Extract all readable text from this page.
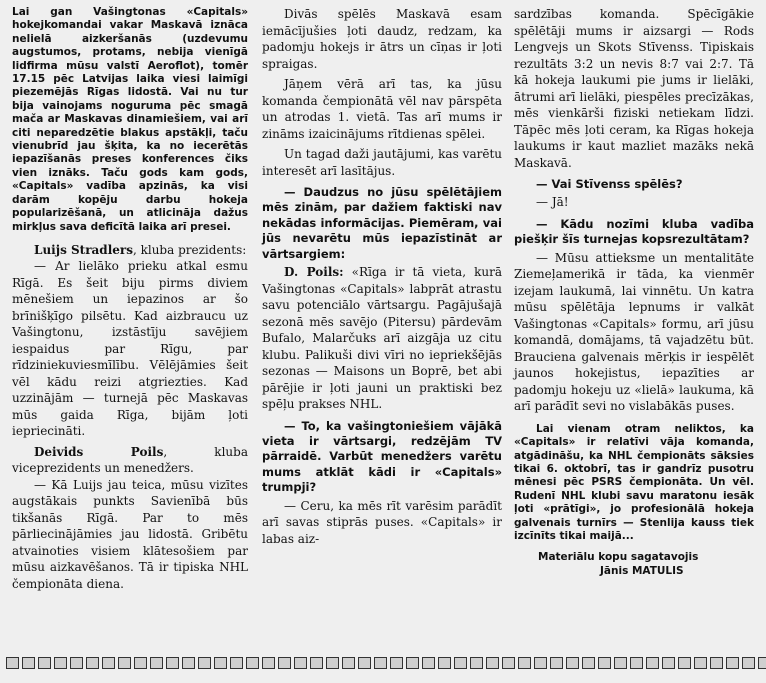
Lai gan Vašingtonas «Capitals» hokejkomandai vakar Maskavā iznāca nelielā aizkeršanās (uzdevumu augstumos, protams, nebija vienīgā lidfirma mūsu valstī Aeroflot), tomēr 17.15 pēc Latvijas laika viesi laimīgi piezemējās Rīgas lidostā. Vai nu tur bija vainojams noguruma pēc smagā mača ar Maskavas dinamiešiem, vai arī citi neparedzētie blakus apstākļi, taču vienubrīd jau šķita, ka no iecerētās iepazīšanās preses konferences čiks vien iznāks. Taču gods kam gods, «Capitals» vadība apzinās, ka visi darām kopēju darbu hokeja popularizēšanā, un atlicināja dažus mirkļus sava deficītā laika arī presei.

Luijs Stradlers, kluba prezidents:

— Ar lielāko prieku atkal esmu Rīgā. Es šeit biju pirms diviem mēnešiem un iepazinos ar šo brīnišķīgo pilsētu. Kad aizbraucu uz Vašingtonu, izstāstīju savējiem iespaidus par Rīgu, par rīdziniekuviesmīlību. Vēlējāmies šeit vēl kādu reizi atgriezties. Kad uzzinājām — turnejā pēc Maskavas mūs gaida Rīga, bijām ļoti iepriecināti.

Deivids Poils, kluba viceprezidents un menedžers.

— Kā Luijs jau teica, mūsu vizītes augstākais punkts Savienībā būs tikšanās Rīgā. Par to mēs pārliecinājāmies jau lidostā. Gribētu atvainoties visiem klātesošiem par mūsu aizkavēšanos. Tā ir tipiska NHL čempionāta diena.

Divās spēlēs Maskavā esam iemācījušies ļoti daudz, redzam, ka padomju hokejs ir ātrs un cīņas ir ļoti spraigas.

Jāņem vērā arī tas, ka jūsu komanda čempionātā vēl nav pārspēta un atrodas 1. vietā. Tas arī mums ir zināms izaicinājums rītdienas spēlei.

Un tagad daži jautājumi, kas varētu interesēt arī lasītājus.

— Daudzus no jūsu spēlētājiem mēs zinām, par dažiem faktiski nav nekādas informācijas. Piemēram, vai jūs nevarētu mūs iepazīstināt ar vārtsargiem:

D. Poils: «Rīga ir tā vieta, kurā Vašingtonas «Capitals» labprāt atrastu savu potenciālo vārtsargu. Pagājušajā sezonā mēs savējo (Pitersu) pārdevām Bufalo, Malarčuks arī aizgāja uz citu klubu. Palikuši divi vīri no iepriekšējās sezonas — Maisons un Boprē, bet abi pārējie ir ļoti jauni un praktiski bez spēļu prakses NHL.

— To, ka vašingtoniešiem vājākā vieta ir vārtsargi, redzējām TV pārraidē. Varbūt menedžers varētu mums atklāt kādi ir «Capitals» trumpji?

— Ceru, ka mēs rīt varēsim parādīt arī savas stiprās puses. «Capitals» ir labas aiz-

sardzības komanda. Spēcīgākie spēlētāji mums ir aizsargi — Rods Lengvejs un Skots Stīvenss. Tipiskais rezultāts 3:2 un nevis 8:7 vai 2:7. Tā kā hokeja laukumi pie jums ir lielāki, ātrumi arī lielāki, piespēles precīzākas, mēs vienkārši fiziski netiekam līdzi. Tāpēc mēs ļoti ceram, ka Rīgas hokeja laukums ir kaut mazliet mazāks nekā Maskavā.

— Vai Stīvenss spēlēs?

— Jā!

— Kādu nozīmi kluba vadība piešķir šīs turnejas kopsrezultātam?

— Mūsu attieksme un mentalitāte Ziemeļamerikā ir tāda, ka vienmēr izejam laukumā, lai vinnētu. Un katra mūsu spēlētāja lepnums ir valkāt Vašingtonas «Capitals» formu, arī jūsu komandā, domājams, tā vajadzētu būt. Brauciena galvenais mērķis ir iespēlēt jaunos hokejistus, iepazīties ar padomju hokeju uz «lielā» laukuma, kā arī parādīt sevi no vislabākās puses.

Lai vienam otram neliktos, ka «Capitals» ir relatīvi vāja komanda, atgādināšu, ka NHL čempionāts sāksies tikai 6. oktobrī, tas ir gandrīz pusotru mēnesi pēc PSRS čempionāta. Un vēl. Rudenī NHL klubi savu maratonu iesāk ļoti «prātīgi», jo profesionālā hokeja galvenais turnīrs — Stenlija kauss tiek izcīnīts tikai maijā...

Materiālu kopu sagatavojis
Jānis MATULIS
